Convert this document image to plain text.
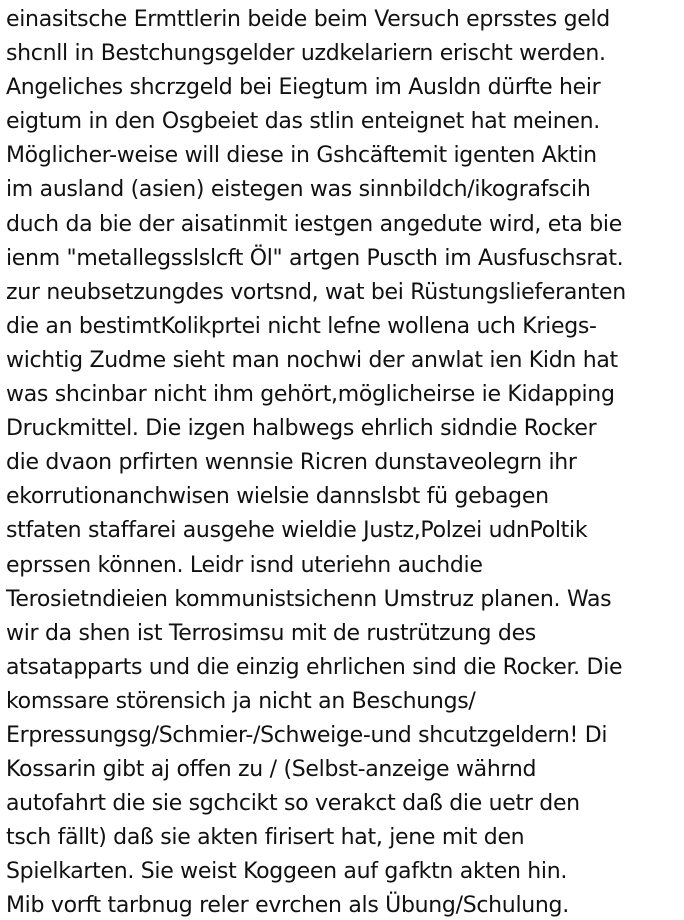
einasitsche Ermttlerin beide beim Versuch eprsstes geld
shcnll in Bestchungsgelder uzdkelariern erischt werden.
Angeliches shcrzgeld bei Eiegtum im Ausldn dürfte heir
eigtum in den Osgbeiet das stlin enteignet hat meinen.
Möglicher-weise will diese in Gshcäftemit igenten Aktin
im ausland (asien) eistegen was sinnbildch/ikografscih
duch da bie der aisatinmit iestgen angedute wird, eta bie
ienm "metallegsslslcft Öl" artgen Puscth im Ausfuschsrat.
zur neubsetzungdes vortsnd, wat bei Rüstungslieferanten
die an bestimtKolikprtei nicht lefne wollena uch Kriegs-
wichtig Zudme sieht man nochwi der anwlat ien Kidn hat
was shcinbar nicht ihm gehört,möglicheirse ie Kidapping
Druckmittel. Die izgen halbwegs ehrlich sidndie Rocker
die dvaon prfirten wennsie Ricren dunstaveolegrn ihr
ekorrutionanchwisen wielsie dannslsbt fü gebagen
stfaten staffarei ausgehe wieldie Justz,Polzei udnPoltik
eprssen können. Leidr isnd uteriehn auchdie
Terosietndieien kommunistsichenn Umstruz planen. Was
wir da shen ist Terrosimsu mit de rustrützung des
atsatapparts und die einzig ehrlichen sind die Rocker. Die
komssare störensich ja nicht an Beschungs/
Erpressungsg/Schmier-/Schweige-und shcutzgeldern! Di
Kossarin gibt aj offen zu / (Selbst-anzeige währnd
autofahrt die sie sgchcikt so verakct daß die uetr den
tsch fällt) daß sie akten firisert hat, jene mit den
Spielkarten. Sie weist Koggeen auf gafktn akten hin.
Mib vorft tarbnug reler evrchen als Übung/Schulung.
